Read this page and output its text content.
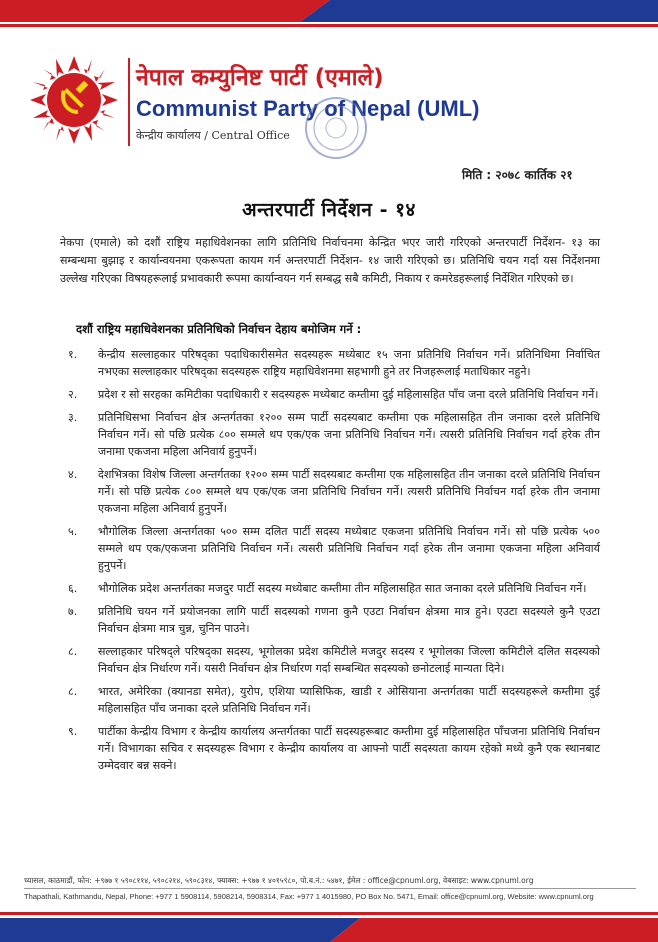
नेपाल कम्युनिष्ट पार्टी (एमाले)
Communist Party of Nepal (UML)
केन्द्रीय कार्यालय / Central Office
मिति : २०७८ कार्तिक २१
अन्तरपार्टी निर्देशन - १४

नेकपा (एमाले) को दशौं राष्ट्रिय महाधिवेशनका लागि प्रतिनिधि निर्वाचनमा केन्द्रित भएर जारी गरिएको अन्तरपार्टी निर्देशन- १३ का सम्बन्धमा बुझाइ र कार्यान्वयनमा एकरूपता कायम गर्न अन्तरपार्टी निर्देशन- १४ जारी गरिएको छ। प्रतिनिधि चयन गर्दा यस निर्देशनमा उल्लेख गरिएका विषयहरूलाई प्रभावकारी रूपमा कार्यान्वयन गर्न सम्बद्ध सबै कमिटी, निकाय र कमरेडहरूलाई निर्देशित गरिएको छ।

दशौं राष्ट्रिय महाधिवेशनका प्रतिनिधिको निर्वाचन देहाय बमोजिम गर्ने :
१.	केन्द्रीय सल्लाहकार परिषद्का पदाधिकारीसमेत सदस्यहरू मध्येबाट १५ जना प्रतिनिधि निर्वाचन गर्ने। प्रतिनिधिमा निर्वाचित नभएका सल्लाहकार परिषद्का सदस्यहरू राष्ट्रिय महाधिवेशनमा सहभागी हुने तर निजहरूलाई मताधिकार नहुने।
२.	प्रदेश र सो सरहका कमिटीका पदाधिकारी र सदस्यहरू मध्येबाट कम्तीमा दुई महिलासहित पाँच जना दरले प्रतिनिधि निर्वाचन गर्ने।
३.	प्रतिनिधिसभा निर्वाचन क्षेत्र अन्तर्गतका १२०० सम्म पार्टी सदस्यबाट कम्तीमा एक महिलासहित तीन जनाका दरले प्रतिनिधि निर्वाचन गर्ने। सो पछि प्रत्येक ८०० सम्मले थप एक/एक जना प्रतिनिधि निर्वाचन गर्ने। त्यसरी प्रतिनिधि निर्वाचन गर्दा हरेक तीन जनामा एकजना महिला अनिवार्य हुनुपर्ने।
४.	देशभित्रका विशेष जिल्ला अन्तर्गतका १२०० सम्म पार्टी सदस्यबाट कम्तीमा एक महिलासहित तीन जनाका दरले प्रतिनिधि निर्वाचन गर्ने। सो पछि प्रत्येक ८०० सम्मले थप एक/एक जना प्रतिनिधि निर्वाचन गर्ने। त्यसरी प्रतिनिधि निर्वाचन गर्दा हरेक तीन जनामा एकजना महिला अनिवार्य हुनुपर्ने।
५.	भौगोलिक जिल्ला अन्तर्गतका ५०० सम्म दलित पार्टी सदस्य मध्येबाट एकजना प्रतिनिधि निर्वाचन गर्ने। सो पछि प्रत्येक ५०० सम्मले थप एक/एकजना प्रतिनिधि निर्वाचन गर्ने। त्यसरी प्रतिनिधि निर्वाचन गर्दा हरेक तीन जनामा एकजना महिला अनिवार्य हुनुपर्ने।
६.	भौगोलिक प्रदेश अन्तर्गतका मजदुर पार्टी सदस्य मध्येबाट कम्तीमा तीन महिलासहित सात जनाका दरले प्रतिनिधि निर्वाचन गर्ने।
७.	प्रतिनिधि चयन गर्ने प्रयोजनका लागि पार्टी सदस्यको गणना कुनै एउटा निर्वाचन क्षेत्रमा मात्र हुने। एउटा सदस्यले कुनै एउटा निर्वाचन क्षेत्रमा मात्र चुन्न, चुनिन पाउने।
८.	सल्लाहकार परिषद्ले परिषद्का सदस्य, भूगोलका प्रदेश कमिटीले मजदुर सदस्य र भूगोलका जिल्ला कमिटीले दलित सदस्यको निर्वाचन क्षेत्र निर्धारण गर्ने। यसरी निर्वाचन क्षेत्र निर्धारण गर्दा सम्बन्धित सदस्यको छनोटलाई मान्यता दिने।
८.	भारत, अमेरिका (क्यानडा समेत), युरोप, एशिया प्यासिफिक, खाडी र ओसियाना अन्तर्गतका पार्टी सदस्यहरूले कम्तीमा दुई महिलासहित पाँच जनाका दरले प्रतिनिधि निर्वाचन गर्ने।
९.	पार्टीका केन्द्रीय विभाग र केन्द्रीय कार्यालय अन्तर्गतका पार्टी सदस्यहरूबाट कम्तीमा दुई महिलासहित पाँचजना प्रतिनिधि निर्वाचन गर्ने। विभागका सचिव र सदस्यहरू विभाग र केन्द्रीय कार्यालय वा आफ्नो पार्टी सदस्यता कायम रहेको मध्ये कुनै एक स्थानबाट उम्मेदवार बन्न सक्ने।
च्यासल, काठमाडौं, फोन: +९७७ १ ५९०८११४, ५९०८२१४, ५९०८३१४, फ्याक्स: +९७७ १ ४०१५९८०, पो.ब.नं.: ५४७१, ईमेल : office@cpnuml.org, वेबसाइट: www.cpnuml.org
Thapathali, Kathmandu, Nepal, Phone: +977 1 5908114, 5908214, 5908314, Fax: +977 1 4015980, PO Box No. 5471, Email: office@cpnuml.org, Website: www.cpnuml.org
